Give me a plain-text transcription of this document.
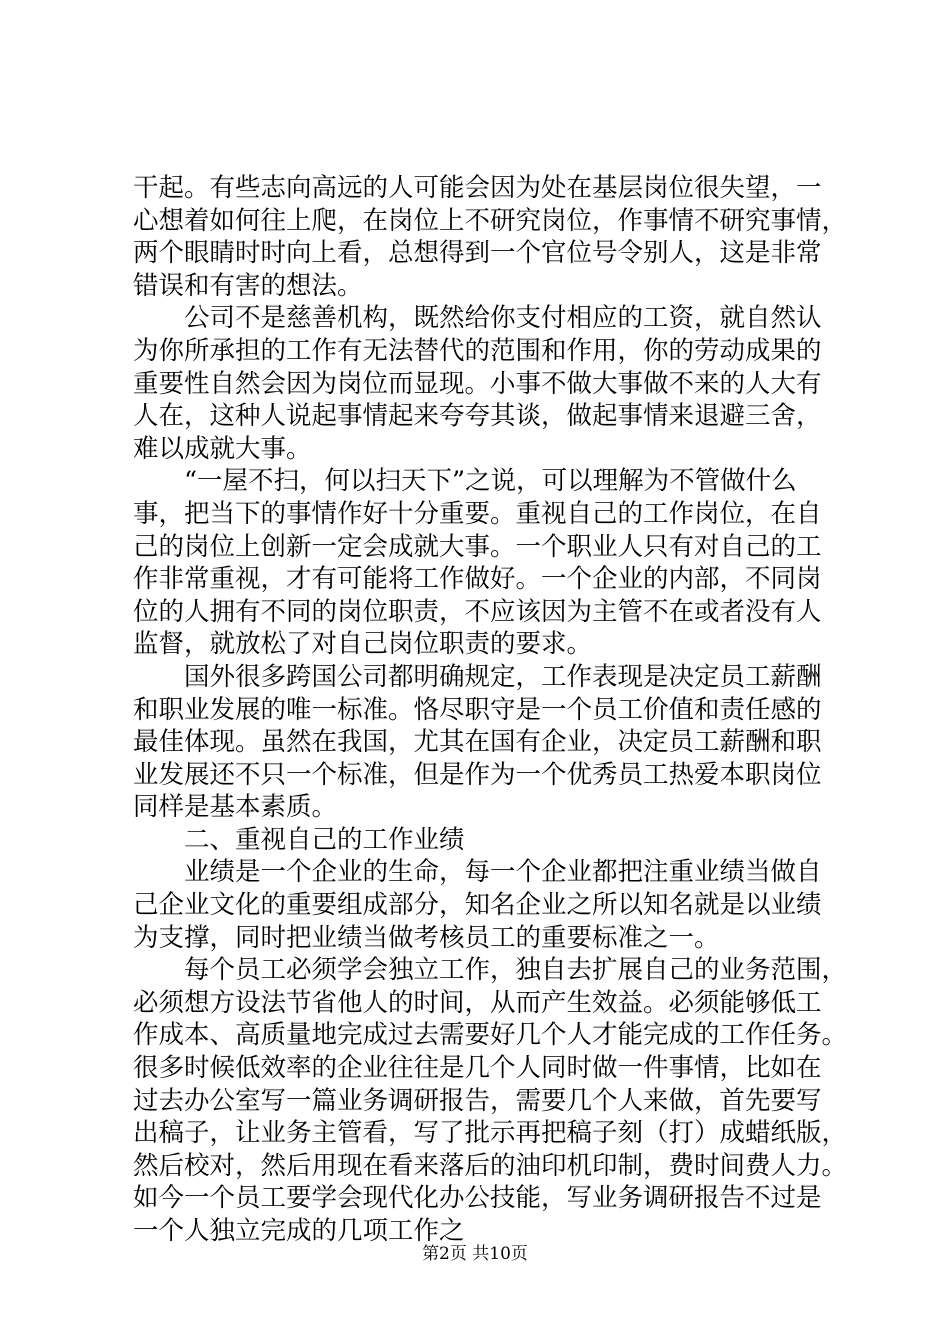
干起。有些志向高远的人可能会因为处在基层岗位很失望，一
心想着如何往上爬，在岗位上不研究岗位，作事情不研究事情，
两个眼睛时时向上看，总想得到一个官位号令别人，这是非常
错误和有害的想法。
公司不是慈善机构，既然给你支付相应的工资，就自然认
为你所承担的工作有无法替代的范围和作用，你的劳动成果的
重要性自然会因为岗位而显现。小事不做大事做不来的人大有
人在，这种人说起事情起来夸夸其谈，做起事情来退避三舍，
难以成就大事。
“一屋不扫，何以扫天下”之说，可以理解为不管做什么
事，把当下的事情作好十分重要。重视自己的工作岗位，在自
己的岗位上创新一定会成就大事。一个职业人只有对自己的工
作非常重视，才有可能将工作做好。一个企业的内部，不同岗
位的人拥有不同的岗位职责，不应该因为主管不在或者没有人
监督，就放松了对自己岗位职责的要求。
国外很多跨国公司都明确规定，工作表现是决定员工薪酬
和职业发展的唯一标准。恪尽职守是一个员工价值和责任感的
最佳体现。虽然在我国，尤其在国有企业，决定员工薪酬和职
业发展还不只一个标准，但是作为一个优秀员工热爱本职岗位
同样是基本素质。
二、重视自己的工作业绩
业绩是一个企业的生命，每一个企业都把注重业绩当做自
己企业文化的重要组成部分，知名企业之所以知名就是以业绩
为支撑，同时把业绩当做考核员工的重要标准之一。
每个员工必须学会独立工作，独自去扩展自己的业务范围，
必须想方设法节省他人的时间，从而产生效益。必须能够低工
作成本、高质量地完成过去需要好几个人才能完成的工作任务。
很多时候低效率的企业往往是几个人同时做一件事情，比如在
过去办公室写一篇业务调研报告，需要几个人来做，首先要写
出稿子，让业务主管看，写了批示再把稿子刻（打）成蜡纸版，
然后校对，然后用现在看来落后的油印机印制，费时间费人力。
如今一个员工要学会现代化办公技能，写业务调研报告不过是
一个人独立完成的几项工作之
第2页 共10页
